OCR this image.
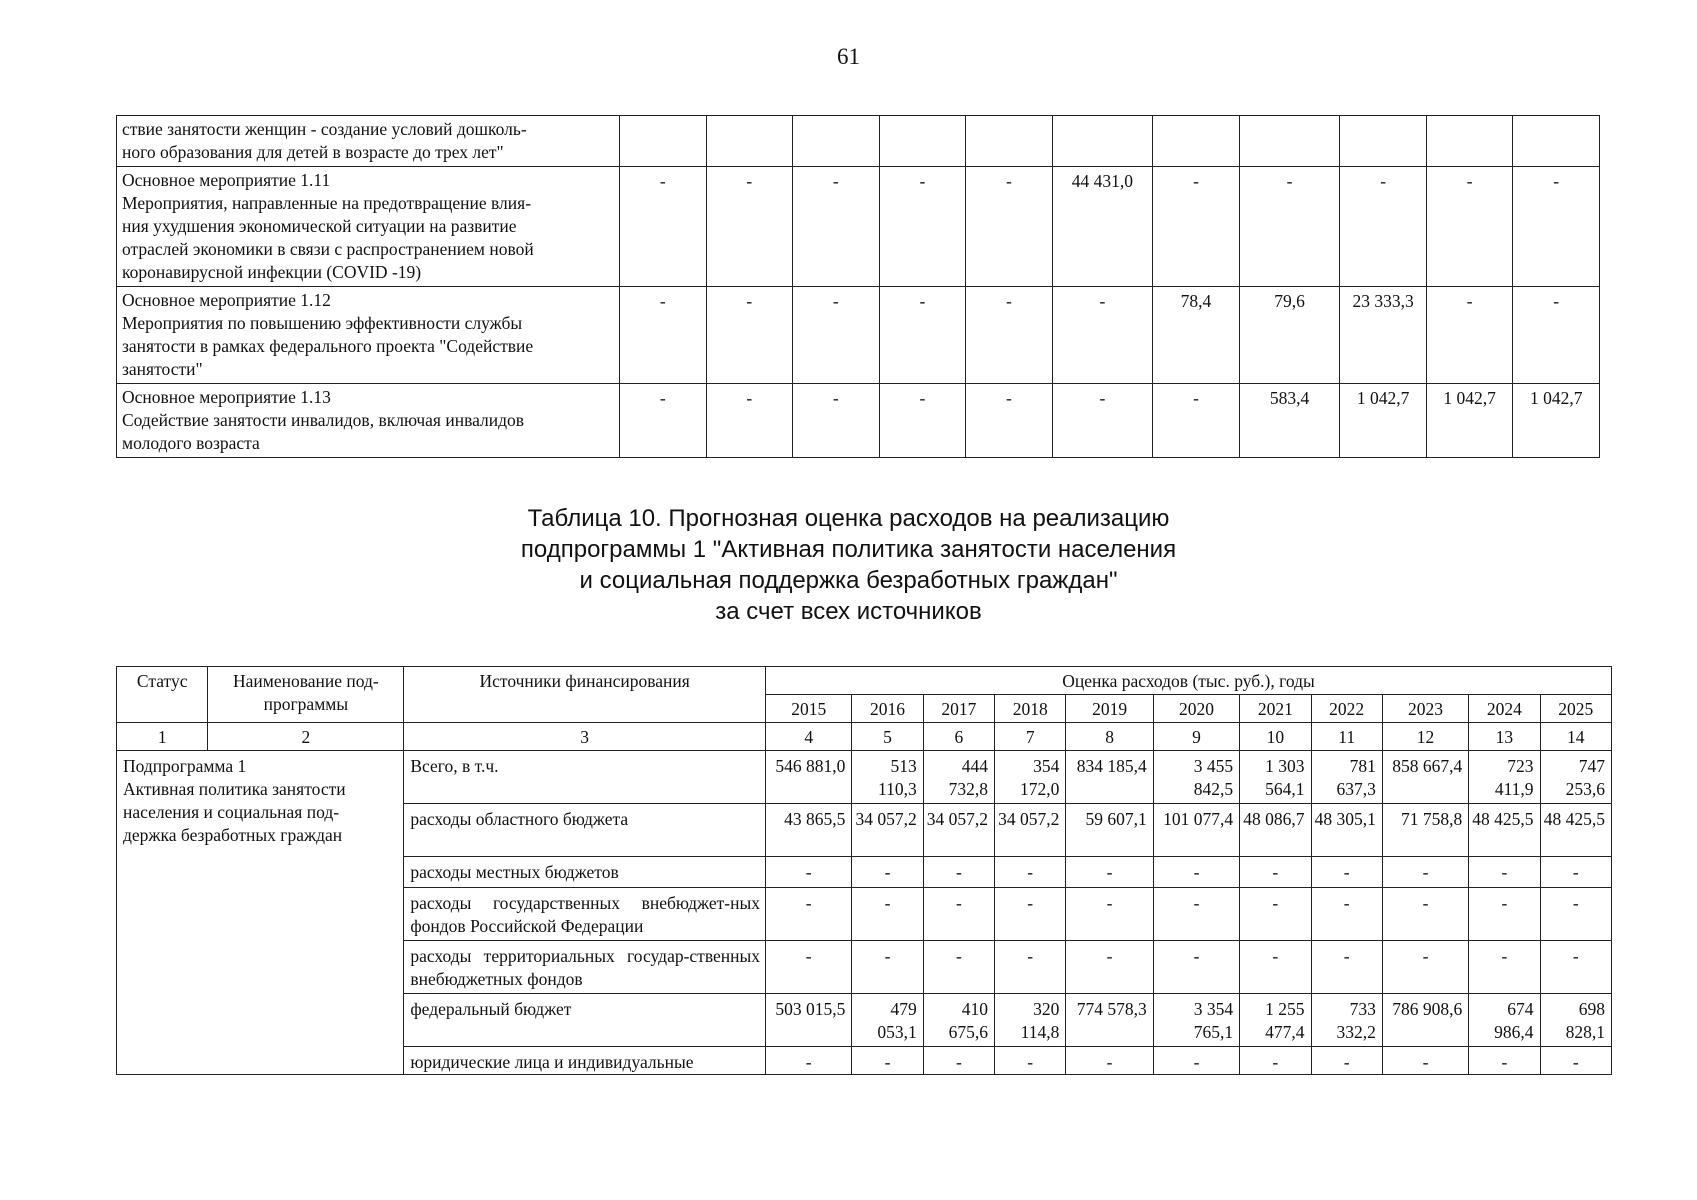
61
ствие занятости женщин - создание условий дошколь-
ного образования для детей в возрасте до трех лет"											

Основное мероприятие 1.11
Мероприятия, направленные на предотвращение влия-
ния ухудшения экономической ситуации на развитие
отраслей экономики в связи с распространением новой
коронавирусной инфекции (COVID -19)	-	-	-	-	-	44 431,0	-	-	-	-	-

Основное мероприятие 1.12
Мероприятия по повышению эффективности службы
занятости в рамках федерального проекта "Содействие
занятости"	-	-	-	-	-	-	78,4	79,6	23 333,3	-	-

Основное мероприятие 1.13
Содействие занятости инвалидов, включая инвалидов
молодого возраста	-	-	-	-	-	-	-	583,4	1 042,7	1 042,7	1 042,7
Таблица 10. Прогнозная оценка расходов на реализацию
подпрограммы 1 "Активная политика занятости населения
и социальная поддержка безработных граждан"
за счет всех источников
Статус	Наименование под-программы	Источники финансирования	Оценка расходов (тыс. руб.), годы										
			2015	2016	2017	2018	2019	2020	2021	2022	2023	2024	2025
1	2	3	4	5	6	7	8	9	10	11	12	13	14

Подпрограмма 1
Активная политика занятости
населения и социальная под-
держка безработных граждан		Всего, в т.ч.	546 881,0	513 110,3	444 732,8	354 172,0	834 185,4	3 455 842,5	1 303 564,1	781 637,3	858 667,4	723 411,9	747 253,6
		расходы областного бюджета	43 865,5	34 057,2	34 057,2	34 057,2	59 607,1	101 077,4	48 086,7	48 305,1	71 758,8	48 425,5	48 425,5
		расходы местных бюджетов	-	-	-	-	-	-	-	-	-	-	-
		расходы государственных внебюджет-ных фондов Российской Федерации	-	-	-	-	-	-	-	-	-	-	-
		расходы территориальных государ-ственных внебюджетных фондов	-	-	-	-	-	-	-	-	-	-	-
		федеральный бюджет	503 015,5	479 053,1	410 675,6	320 114,8	774 578,3	3 354 765,1	1 255 477,4	733 332,2	786 908,6	674 986,4	698 828,1
		юридические лица и индивидуальные	-	-	-	-	-	-	-	-	-	-	-
